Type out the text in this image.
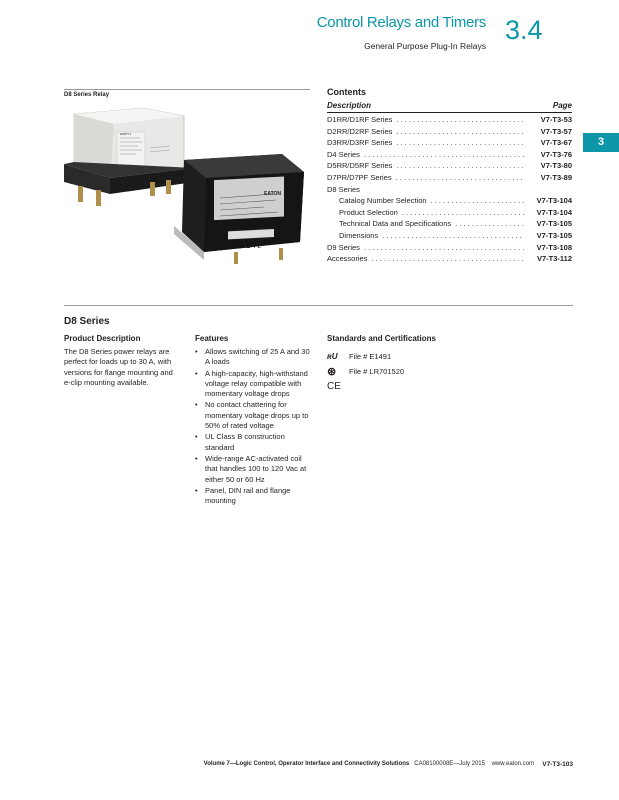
Control Relays and Timers
General Purpose Plug-In Relays
3.4
3
D8 Series Relay
D8RTT1
EATON
214 1 FL
Contents
Description	Page
D1RR/D1RF Series . . .	V7-T3-53
D2RR/D2RF Series . . .	V7-T3-57
D3RR/D3RF Series . . .	V7-T3-67
D4 Series . . .	V7-T3-76
D5RR/D5RF Series . . .	V7-T3-80
D7PR/D7PF Series . . .	V7-T3-89
D8 Series
Catalog Number Selection . . .	V7-T3-104
Product Selection . . .	V7-T3-104
Technical Data and Specifications . . .	V7-T3-105
Dimensions . . .	V7-T3-105
D9 Series . . .	V7-T3-108
Accessories . . .	V7-T3-112
D8 Series
Product Description
The D8 Series power relays are perfect for loads up to 30 A, with versions for flange mounting and e-clip mounting available.
Features
• Allows switching of 25 A and 30 A loads
• A high-capacity, high-withstand voltage relay compatible with momentary voltage drops
• No contact chattering for momentary voltage drops up to 50% of rated voltage
• UL Class B construction standard
• Wide-range AC-activated coil that handles 100 to 120 Vac at either 50 or 60 Hz
• Panel, DIN rail and flange mounting
Standards and Certifications
ʀU	File # E1491
⊛	File # LR701520
CE
Volume 7—Logic Control, Operator Interface and Connectivity Solutions CA08100008E—July 2015 www.eaton.com	V7-T3-103
